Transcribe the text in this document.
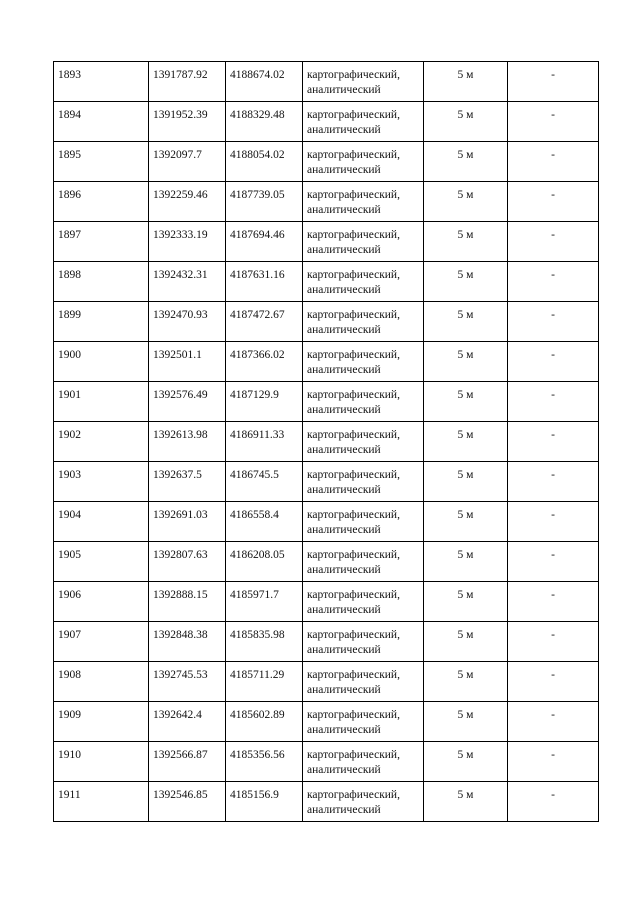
1893	1391787.92	4188674.02	картографический, аналитический	5 м	-
1894	1391952.39	4188329.48	картографический, аналитический	5 м	-
1895	1392097.7	4188054.02	картографический, аналитический	5 м	-
1896	1392259.46	4187739.05	картографический, аналитический	5 м	-
1897	1392333.19	4187694.46	картографический, аналитический	5 м	-
1898	1392432.31	4187631.16	картографический, аналитический	5 м	-
1899	1392470.93	4187472.67	картографический, аналитический	5 м	-
1900	1392501.1	4187366.02	картографический, аналитический	5 м	-
1901	1392576.49	4187129.9	картографический, аналитический	5 м	-
1902	1392613.98	4186911.33	картографический, аналитический	5 м	-
1903	1392637.5	4186745.5	картографический, аналитический	5 м	-
1904	1392691.03	4186558.4	картографический, аналитический	5 м	-
1905	1392807.63	4186208.05	картографический, аналитический	5 м	-
1906	1392888.15	4185971.7	картографический, аналитический	5 м	-
1907	1392848.38	4185835.98	картографический, аналитический	5 м	-
1908	1392745.53	4185711.29	картографический, аналитический	5 м	-
1909	1392642.4	4185602.89	картографический, аналитический	5 м	-
1910	1392566.87	4185356.56	картографический, аналитический	5 м	-
1911	1392546.85	4185156.9	картографический, аналитический	5 м	-
